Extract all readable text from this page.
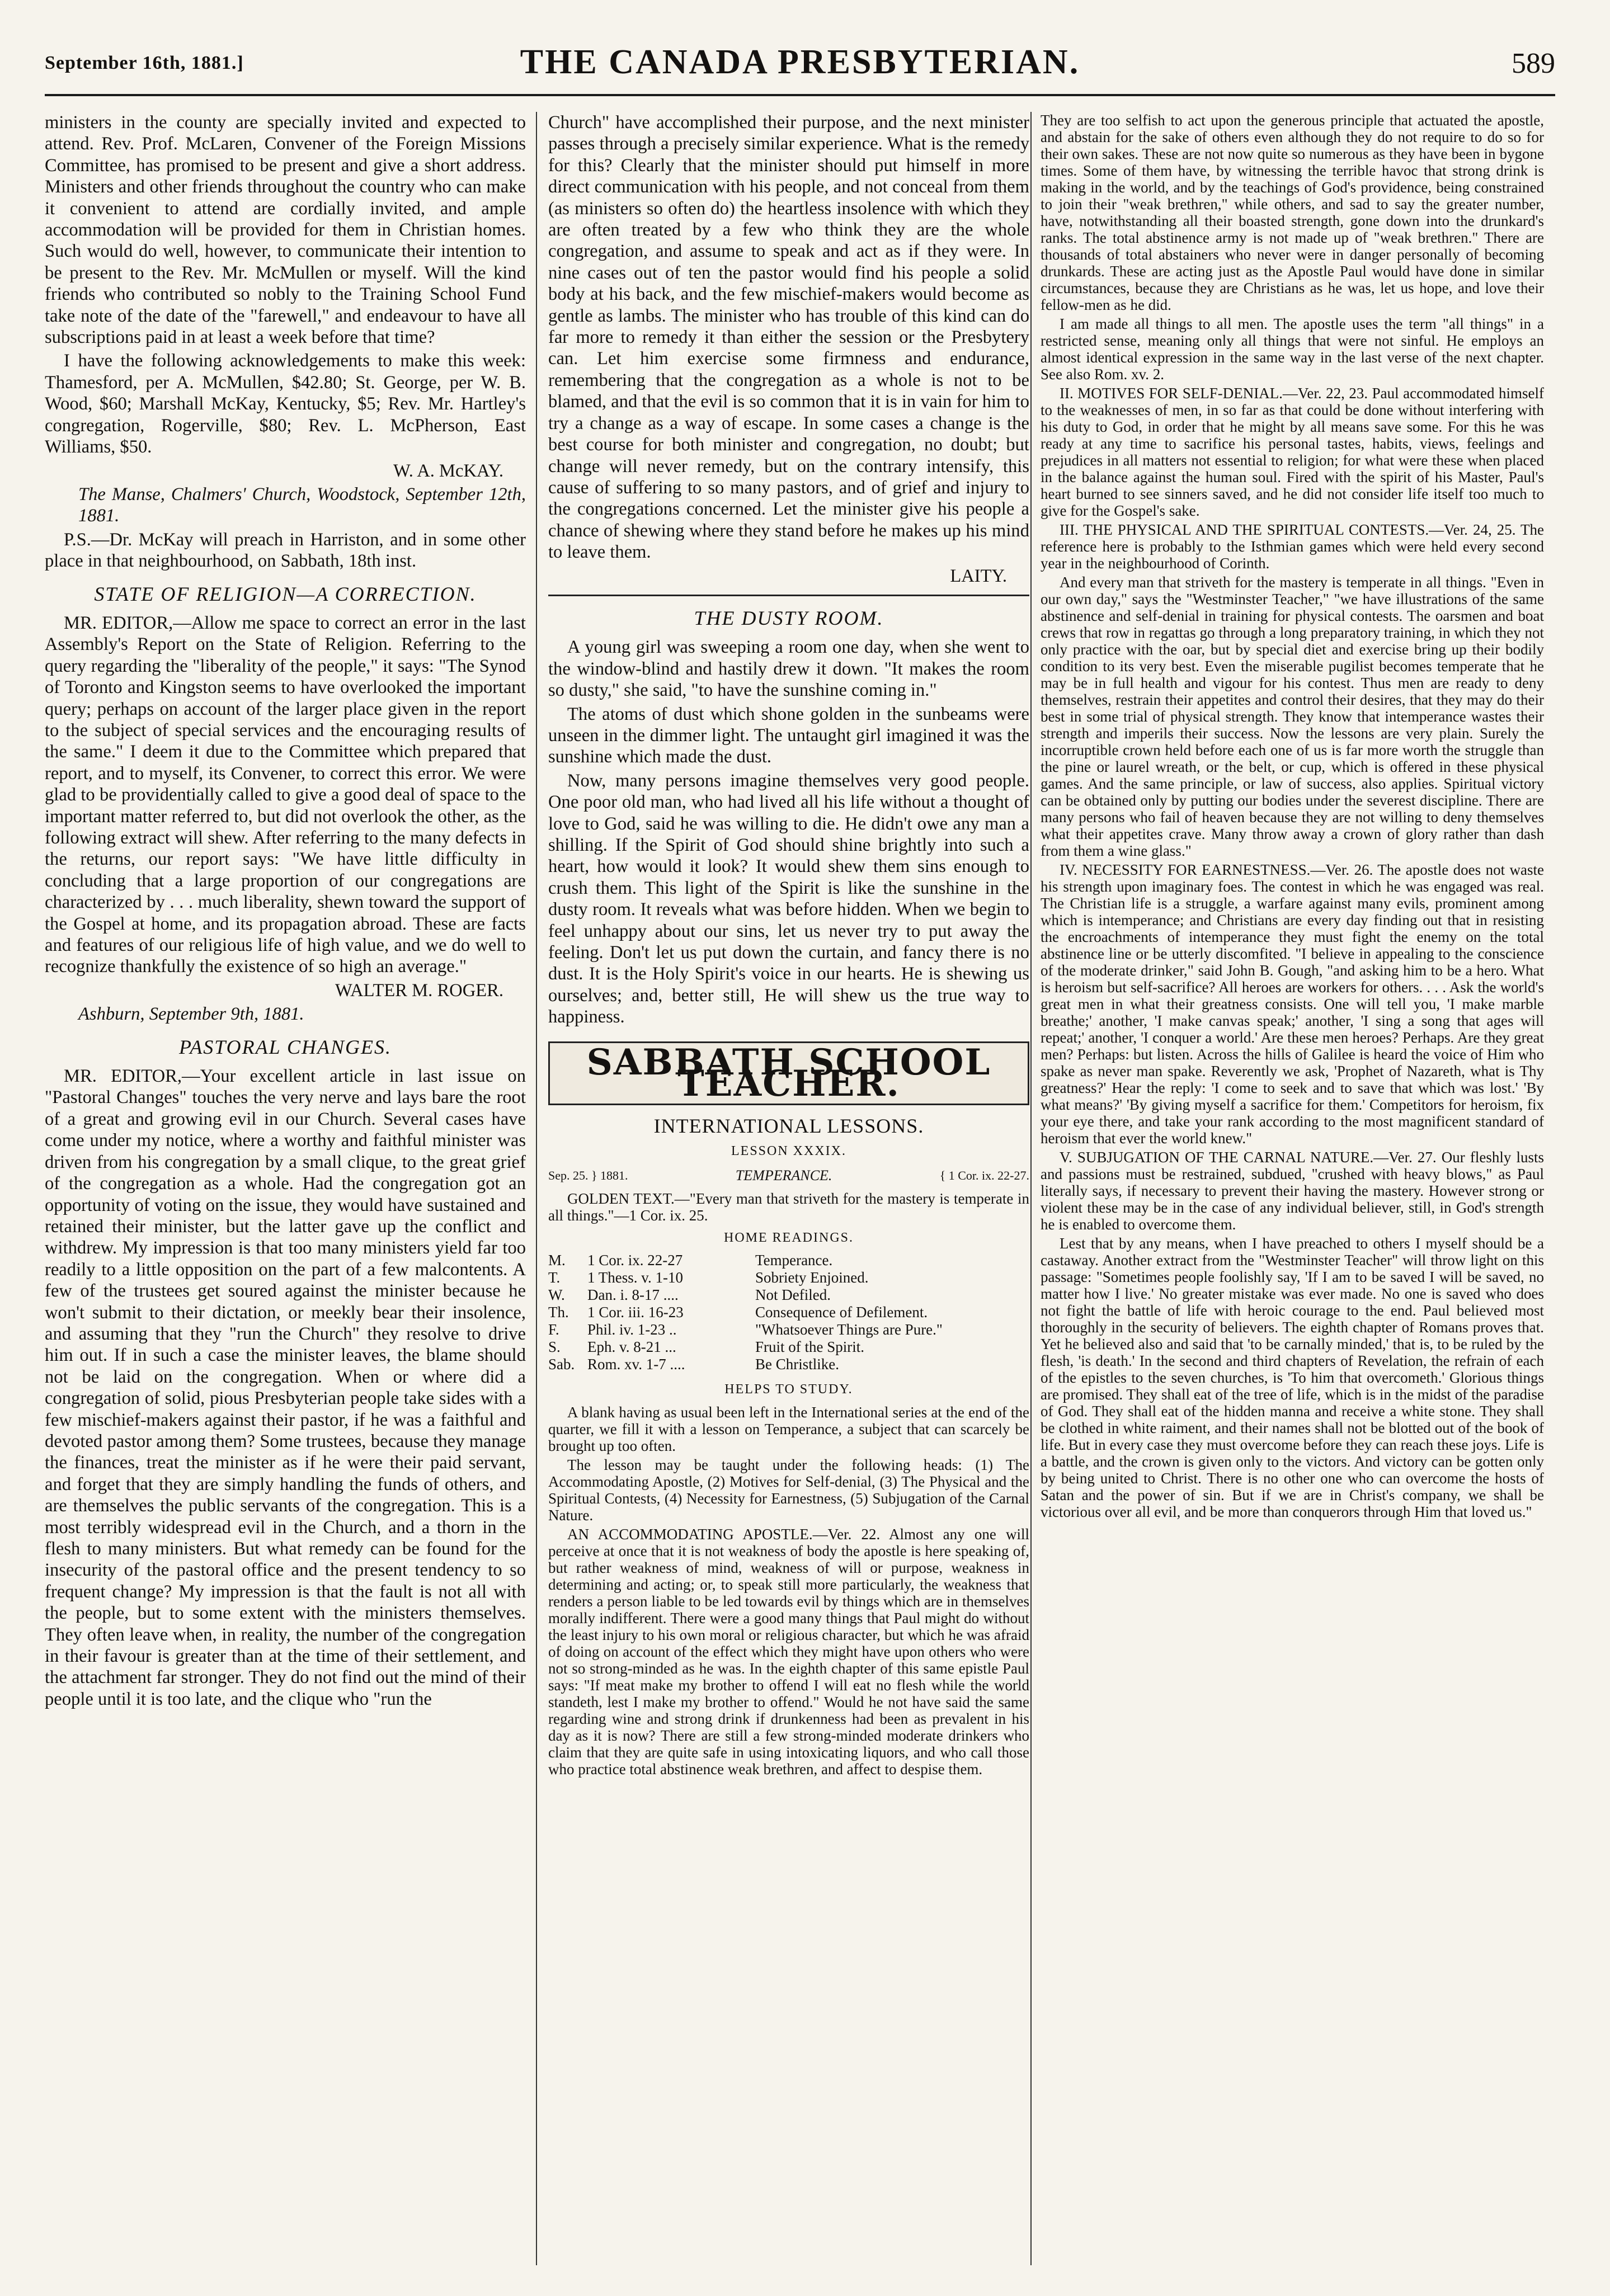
September 16th, 1881.]	THE CANADA PRESBYTERIAN.	589

ministers in the county are specially invited and expected to attend. Rev. Prof. McLaren, Convener of the Foreign Missions Committee, has promised to be present and give a short address. Ministers and other friends throughout the country who can make it convenient to attend are cordially invited, and ample accommodation will be provided for them in Christian homes. Such would do well, however, to communicate their intention to be present to the Rev. Mr. McMullen or myself. Will the kind friends who contributed so nobly to the Training School Fund take note of the date of the "farewell," and endeavour to have all subscriptions paid in at least a week before that time?

I have the following acknowledgements to make this week: Thamesford, per A. McMullen, $42.80; St. George, per W. B. Wood, $60; Marshall McKay, Kentucky, $5; Rev. Mr. Hartley's congregation, Rogerville, $80; Rev. L. McPherson, East Williams, $50.

W. A. McKAY.

The Manse, Chalmers' Church, Woodstock, September 12th, 1881.

P.S.—Dr. McKay will preach in Harriston, and in some other place in that neighbourhood, on Sabbath, 18th inst.

STATE OF RELIGION—A CORRECTION.

MR. EDITOR,—Allow me space to correct an error in the last Assembly's Report on the State of Religion. Referring to the query regarding the "liberality of the people," it says: "The Synod of Toronto and Kingston seems to have overlooked the important query; perhaps on account of the larger place given in the report to the subject of special services and the encouraging results of the same." I deem it due to the Committee which prepared that report, and to myself, its Convener, to correct this error. We were glad to be providentially called to give a good deal of space to the important matter referred to, but did not overlook the other, as the following extract will shew. After referring to the many defects in the returns, our report says: "We have little difficulty in concluding that a large proportion of our congregations are characterized by . . . much liberality, shewn toward the support of the Gospel at home, and its propagation abroad. These are facts and features of our religious life of high value, and we do well to recognize thankfully the existence of so high an average."

WALTER M. ROGER.

Ashburn, September 9th, 1881.

PASTORAL CHANGES.

MR. EDITOR,—Your excellent article in last issue on "Pastoral Changes" touches the very nerve and lays bare the root of a great and growing evil in our Church. Several cases have come under my notice, where a worthy and faithful minister was driven from his congregation by a small clique, to the great grief of the congregation as a whole. Had the congregation got an opportunity of voting on the issue, they would have sustained and retained their minister, but the latter gave up the conflict and withdrew. My impression is that too many ministers yield far too readily to a little opposition on the part of a few malcontents. A few of the trustees get soured against the minister because he won't submit to their dictation, or meekly bear their insolence, and assuming that they "run the Church" they resolve to drive him out. If in such a case the minister leaves, the blame should not be laid on the congregation. When or where did a congregation of solid, pious Presbyterian people take sides with a few mischief-makers against their pastor, if he was a faithful and devoted pastor among them? Some trustees, because they manage the finances, treat the minister as if he were their paid servant, and forget that they are simply handling the funds of others, and are themselves the public servants of the congregation. This is a most terribly widespread evil in the Church, and a thorn in the flesh to many ministers. But what remedy can be found for the insecurity of the pastoral office and the present tendency to so frequent change? My impression is that the fault is not all with the people, but to some extent with the ministers themselves. They often leave when, in reality, the number of the congregation in their favour is greater than at the time of their settlement, and the attachment far stronger. They do not find out the mind of their people until it is too late, and the clique who "run the

Church" have accomplished their purpose, and the next minister passes through a precisely similar experience. What is the remedy for this? Clearly that the minister should put himself in more direct communication with his people, and not conceal from them (as ministers so often do) the heartless insolence with which they are often treated by a few who think they are the whole congregation, and assume to speak and act as if they were. In nine cases out of ten the pastor would find his people a solid body at his back, and the few mischief-makers would become as gentle as lambs. The minister who has trouble of this kind can do far more to remedy it than either the session or the Presbytery can. Let him exercise some firmness and endurance, remembering that the congregation as a whole is not to be blamed, and that the evil is so common that it is in vain for him to try a change as a way of escape. In some cases a change is the best course for both minister and congregation, no doubt; but change will never remedy, but on the contrary intensify, this cause of suffering to so many pastors, and of grief and injury to the congregations concerned. Let the minister give his people a chance of shewing where they stand before he makes up his mind to leave them.

LAITY.

THE DUSTY ROOM.

A young girl was sweeping a room one day, when she went to the window-blind and hastily drew it down. "It makes the room so dusty," she said, "to have the sunshine coming in."

The atoms of dust which shone golden in the sunbeams were unseen in the dimmer light. The untaught girl imagined it was the sunshine which made the dust.

Now, many persons imagine themselves very good people. One poor old man, who had lived all his life without a thought of love to God, said he was willing to die. He didn't owe any man a shilling. If the Spirit of God should shine brightly into such a heart, how would it look? It would shew them sins enough to crush them. This light of the Spirit is like the sunshine in the dusty room. It reveals what was before hidden. When we begin to feel unhappy about our sins, let us never try to put away the feeling. Don't let us put down the curtain, and fancy there is no dust. It is the Holy Spirit's voice in our hearts. He is shewing us ourselves; and, better still, He will shew us the true way to happiness.

SABBATH SCHOOL TEACHER.
INTERNATIONAL LESSONS.
LESSON XXXIX.
Sep. 25. } 1881.	TEMPERANCE.	{ 1 Cor. ix. 22-27.

GOLDEN TEXT.—"Every man that striveth for the mastery is temperate in all things."—1 Cor. ix. 25.

HOME READINGS.
M.	1 Cor. ix. 22-27	Temperance.
T.	1 Thess. v. 1-10	Sobriety Enjoined.
W.	Dan. i. 8-17 ....	Not Defiled.
Th.	1 Cor. iii. 16-23	Consequence of Defilement.
F.	Phil. iv. 1-23 ..	"Whatsoever Things are Pure."
S.	Eph. v. 8-21 ...	Fruit of the Spirit.
Sab. Rom. xv. 1-7 ....	Be Christlike.
HELPS TO STUDY.

A blank having as usual been left in the International series at the end of the quarter, we fill it with a lesson on Temperance, a subject that can scarcely be brought up too often.

The lesson may be taught under the following heads: (1) The Accommodating Apostle, (2) Motives for Self-denial, (3) The Physical and the Spiritual Contests, (4) Necessity for Earnestness, (5) Subjugation of the Carnal Nature.

AN ACCOMMODATING APOSTLE.—Ver. 22. Almost any one will perceive at once that it is not weakness of body the apostle is here speaking of, but rather weakness of mind, weakness of will or purpose, weakness in determining and acting; or, to speak still more particularly, the weakness that renders a person liable to be led towards evil by things which are in themselves morally indifferent. There were a good many things that Paul might do without the least injury to his own moral or religious character, but which he was afraid of doing on account of the effect which they might have upon others who were not so strong-minded as he was. In the eighth chapter of this same epistle Paul says: "If meat make my brother to offend I will eat no flesh while the world standeth, lest I make my brother to offend." Would he not have said the same regarding wine and strong drink if drunkenness had been as prevalent in his day as it is now? There are still a few strong-minded moderate drinkers who claim that they are quite safe in using intoxicating liquors, and who call those who practice total abstinence weak brethren, and affect to despise them.

They are too selfish to act upon the generous principle that actuated the apostle, and abstain for the sake of others even although they do not require to do so for their own sakes. These are not now quite so numerous as they have been in bygone times. Some of them have, by witnessing the terrible havoc that strong drink is making in the world, and by the teachings of God's providence, being constrained to join their "weak brethren," while others, and sad to say the greater number, have, notwithstanding all their boasted strength, gone down into the drunkard's ranks. The total abstinence army is not made up of "weak brethren." There are thousands of total abstainers who never were in danger personally of becoming drunkards. These are acting just as the Apostle Paul would have done in similar circumstances, because they are Christians as he was, let us hope, and love their fellow-men as he did.

I am made all things to all men. The apostle uses the term "all things" in a restricted sense, meaning only all things that were not sinful. He employs an almost identical expression in the same way in the last verse of the next chapter. See also Rom. xv. 2.

II. MOTIVES FOR SELF-DENIAL.—Ver. 22, 23. Paul accommodated himself to the weaknesses of men, in so far as that could be done without interfering with his duty to God, in order that he might by all means save some. For this he was ready at any time to sacrifice his personal tastes, habits, views, feelings and prejudices in all matters not essential to religion; for what were these when placed in the balance against the human soul. Fired with the spirit of his Master, Paul's heart burned to see sinners saved, and he did not consider life itself too much to give for the Gospel's sake.

III. THE PHYSICAL AND THE SPIRITUAL CONTESTS.—Ver. 24, 25. The reference here is probably to the Isthmian games which were held every second year in the neighbourhood of Corinth.

And every man that striveth for the mastery is temperate in all things. "Even in our own day," says the "Westminster Teacher," "we have illustrations of the same abstinence and self-denial in training for physical contests. The oarsmen and boat crews that row in regattas go through a long preparatory training, in which they not only practice with the oar, but by special diet and exercise bring up their bodily condition to its very best. Even the miserable pugilist becomes temperate that he may be in full health and vigour for his contest. Thus men are ready to deny themselves, restrain their appetites and control their desires, that they may do their best in some trial of physical strength. They know that intemperance wastes their strength and imperils their success. Now the lessons are very plain. Surely the incorruptible crown held before each one of us is far more worth the struggle than the pine or laurel wreath, or the belt, or cup, which is offered in these physical games. And the same principle, or law of success, also applies. Spiritual victory can be obtained only by putting our bodies under the severest discipline. There are many persons who fail of heaven because they are not willing to deny themselves what their appetites crave. Many throw away a crown of glory rather than dash from them a wine glass."

IV. NECESSITY FOR EARNESTNESS.—Ver. 26. The apostle does not waste his strength upon imaginary foes. The contest in which he was engaged was real. The Christian life is a struggle, a warfare against many evils, prominent among which is intemperance; and Christians are every day finding out that in resisting the encroachments of intemperance they must fight the enemy on the total abstinence line or be utterly discomfited. "I believe in appealing to the conscience of the moderate drinker," said John B. Gough, "and asking him to be a hero. What is heroism but self-sacrifice? All heroes are workers for others. . . . Ask the world's great men in what their greatness consists. One will tell you, 'I make marble breathe;' another, 'I make canvas speak;' another, 'I sing a song that ages will repeat;' another, 'I conquer a world.' Are these men heroes? Perhaps. Are they great men? Perhaps: but listen. Across the hills of Galilee is heard the voice of Him who spake as never man spake. Reverently we ask, 'Prophet of Nazareth, what is Thy greatness?' Hear the reply: 'I come to seek and to save that which was lost.' 'By what means?' 'By giving myself a sacrifice for them.' Competitors for heroism, fix your eye there, and take your rank according to the most magnificent standard of heroism that ever the world knew."

V. SUBJUGATION OF THE CARNAL NATURE.—Ver. 27. Our fleshly lusts and passions must be restrained, subdued, "crushed with heavy blows," as Paul literally says, if necessary to prevent their having the mastery. However strong or violent these may be in the case of any individual believer, still, in God's strength he is enabled to overcome them.

Lest that by any means, when I have preached to others I myself should be a castaway. Another extract from the "Westminster Teacher" will throw light on this passage: "Sometimes people foolishly say, 'If I am to be saved I will be saved, no matter how I live.' No greater mistake was ever made. No one is saved who does not fight the battle of life with heroic courage to the end. Paul believed most thoroughly in the security of believers. The eighth chapter of Romans proves that. Yet he believed also and said that 'to be carnally minded,' that is, to be ruled by the flesh, 'is death.' In the second and third chapters of Revelation, the refrain of each of the epistles to the seven churches, is 'To him that overcometh.' Glorious things are promised. They shall eat of the tree of life, which is in the midst of the paradise of God. They shall eat of the hidden manna and receive a white stone. They shall be clothed in white raiment, and their names shall not be blotted out of the book of life. But in every case they must overcome before they can reach these joys. Life is a battle, and the crown is given only to the victors. And victory can be gotten only by being united to Christ. There is no other one who can overcome the hosts of Satan and the power of sin. But if we are in Christ's company, we shall be victorious over all evil, and be more than conquerors through Him that loved us."
